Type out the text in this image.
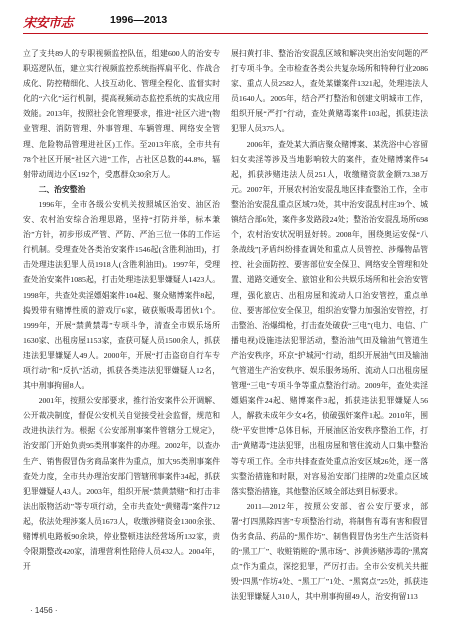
宋安市志	1996—2013

立了支共89人的专职视频监控队伍，组建600人的治安专职巡逻队伍，建立实行视频监控系统指挥扁平化、作战合成化、防控精细化、人技互动化、管理全程化、监督实时化的“六化”运行机制，提高视频动态监控系统的实战应用效能。2013年，按照社会化管理要求，推进“社区六进”(物业管理、消防管理、外事管理、车辆管理、网络安全管理、危险物品管理进社区)工作。至2013年底，全市共有78个社区开展“社区六进”工作，占社区总数的44.8%，辐射带动周边小区192个，受惠群众30余万人。

二、治安整治

1996年，全市各级公安机关按照城区治安、油区治安、农村治安综合治理思路，坚持“打防并举，标本兼治”方针，初步形成严管、严防、严治三位一体的工作运行机制。受理查处各类治安案件1546起(含胜利油田)，打击处理违法犯罪人员1918人(含胜利油田)。1997年，受理查处治安案件1085起，打击处理违法犯罪嫌疑人1423人。1998年，共查处卖淫嫖娼案件104起、聚众赌博案件8起，捣毁带有赌博性质的游戏厅6家，破获贩吸毒团伙1个。1999年，开展“禁黄禁毒”专项斗争，清查全市娱乐场所1630家、出租房屋1153家，查获可疑人员1500余人，抓获违法犯罪嫌疑人49人。2000年，开展“打击盗窃自行车专项行动”和“反扒”活动，抓获各类违法犯罪嫌疑人12名，其中刑事拘留8人。

2001年，按照公安部要求，推行治安案件公开调解、公开裁决制度，督促公安机关自觉接受社会监督，规范和改进执法行为。根据《公安部刑事案件管辖分工规定》，治安部门开始负责95类刑事案件的办理。2002年，以查办生产、销售假冒伪劣商品案件为重点，加大95类刑事案件查处力度，全市共办理治安部门管辖刑事案件34起，抓获犯罪嫌疑人43人。2003年，组织开展“禁黄禁赌”和打击非法出版物活动”等专项行动，全市共查处“黄赌毒”案件712起，依法处理涉案人员1673人，收缴涉赌资金1300余张、赌博机电路板90余块，停业整顿违法经营场所132家，责令限期整改420家，清理营利性陪侍人员432人。2004年，开

展扫黄打非、整治治安混乱区域和解决突出治安问题的严打专项斗争。全市检查各类公共复杂场所和特种行业2086家、重点人员2582人，查处某嫌案件1321起，处理违法人员1640人。2005年，结合严打整治和创建文明城市工作，组织开展“严打”行动，查处黄赌毒案件103起，抓获违法犯罪人员375人。

2006年，查处某大酒店聚众赌博案、某洗浴中心容留妇女卖淫等涉及当地影响较大的案件，查处赌博案件54起，抓获涉赌违法人员251人，收缴赌资款金额73.38万元。2007年，开展农村治安混乱地区排查整治工作，全市整治治安混乱重点区域73处，其中治安混乱村庄39个、城镇结合部6处，案件多发路段24处；整治治安混乱场所698个，农村治安状况明显好转。2008年，围绕奥运安保“八条战线”[矛盾纠纷排查调处和重点人员管控、涉爆物品管控、社会面防控、要害部位安全保卫、网络安全管理和处置、道路交通安全、旅馆业和公共娱乐场所和社会治安管理，强化旅店、出租房屋和流动人口治安管控，重点单位、要害部位安全保卫，组织治安警力加强治安管控，打击整治、治爆缉枪，打击查处破获“三电”(电力、电信、广播电视)设施违法犯罪活动，整治油气田及输油气管道生产治安秩序，环京“护城河”行动，组织开展油气田及输油气管道生产治安秩序、娱乐服务场所、流动人口出租房屋管理“三电”专项斗争等重点整治行动。2009年，查处卖淫嫖娼案件24起、赌博案件3起，抓获违法犯罪嫌疑人56人，解救未成年少女4名，侦破强奸案件1起。2010年，围绕“平安世博”总体目标，开展油区治安秩序整治工作，打击“黄赌毒”违法犯罪，出租房屋和管住流动人口集中整治等专项工作。全市共排查查处重点治安区域26处，逐一落实整治措施和时限，对容易治安部门挂牌的2处重点区域落实整治措施，其他整治区域全部达到目标要求。

2011—2012年，按照公安部、省公安厅要求，部署“打四黑除四害”专项整治行动，将制售有毒有害和假冒伪劣食品、药品的“黑作坊”、制售假冒伪劣生产生活资料的“黑工厂”、收赃销赃的“黑市场”、涉黄涉赌涉毒的“黑窝点”作为重点，深挖犯罪，严厉打击。全市公安机关共摧毁“四黑”作坊4处、“黑工厂”1处、“黑窝点”25处，抓获违法犯罪嫌疑人310人，其中刑事拘留49人，治安拘留113

· 1456 ·
